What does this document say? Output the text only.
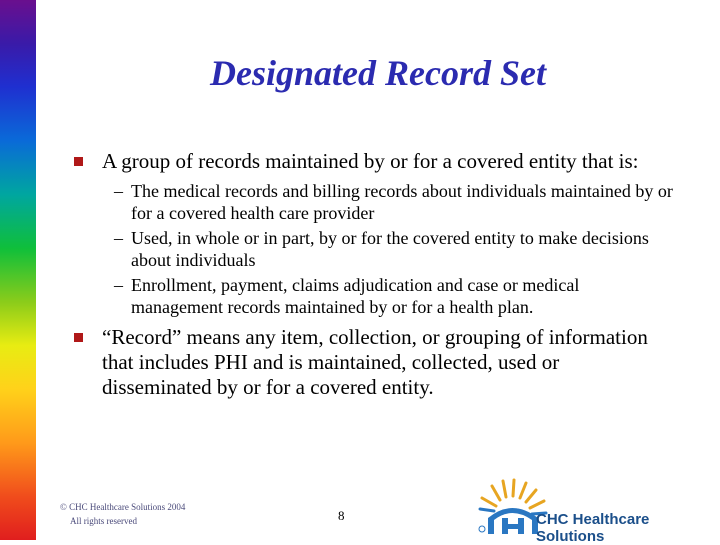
Designated Record Set
A group of records maintained by or for a covered entity that is:
– The medical records and billing records about individuals maintained by or for a covered health care provider
– Used, in whole or in part, by or for the covered entity to make decisions about individuals
– Enrollment, payment, claims adjudication and case or medical management records maintained by or for a health plan.
“Record” means any item, collection, or grouping of information that includes PHI and is maintained, collected, used or disseminated by or for a covered entity.
© CHC Healthcare Solutions 2004
All rights reserved	8	CHC Healthcare Solutions
